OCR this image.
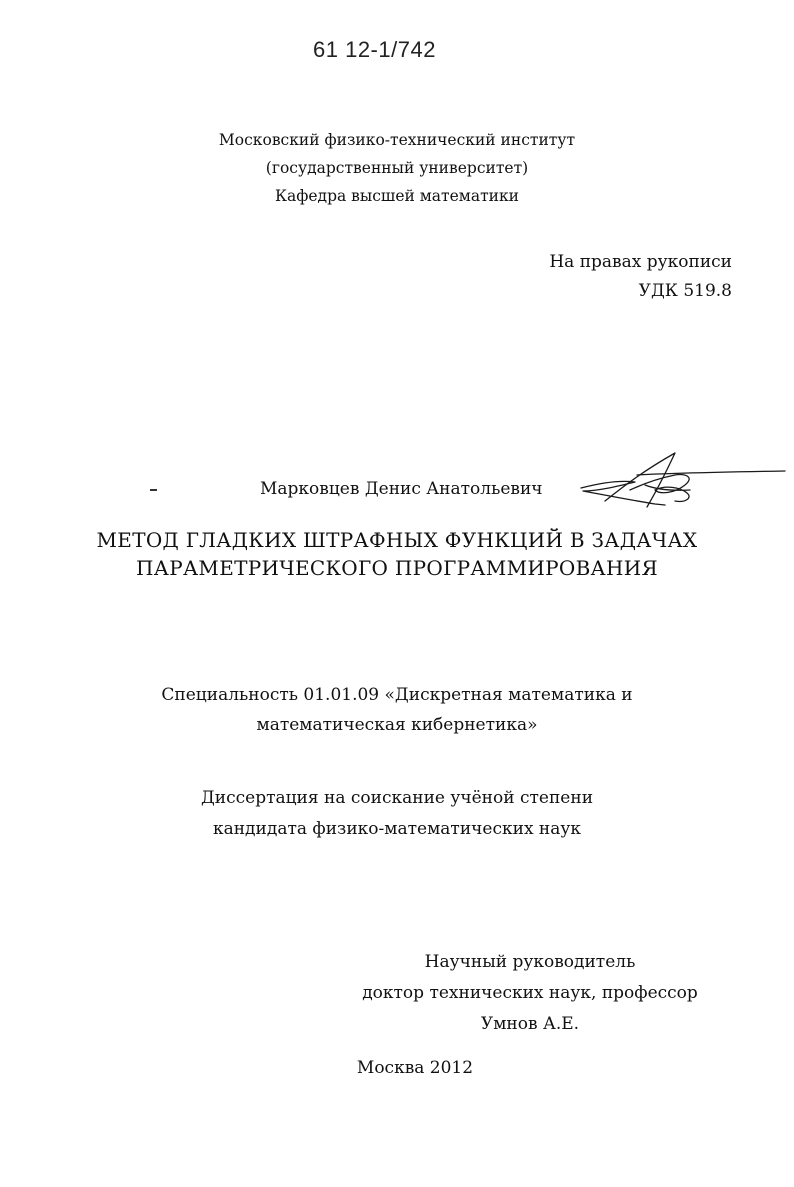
61 12-1/742
Московский физико-технический институт
(государственный университет)
Кафедра высшей математики
На правах рукописи
УДК 519.8
Марковцев Денис Анатольевич
МЕТОД ГЛАДКИХ ШТРАФНЫХ ФУНКЦИЙ В ЗАДАЧАХ
ПАРАМЕТРИЧЕСКОГО ПРОГРАММИРОВАНИЯ
Специальность 01.01.09 «Дискретная математика и
математическая кибернетика»
Диссертация на соискание учёной степени
кандидата физико-математических наук
Научный руководитель
доктор технических наук, профессор
Умнов А.Е.
Москва 2012
